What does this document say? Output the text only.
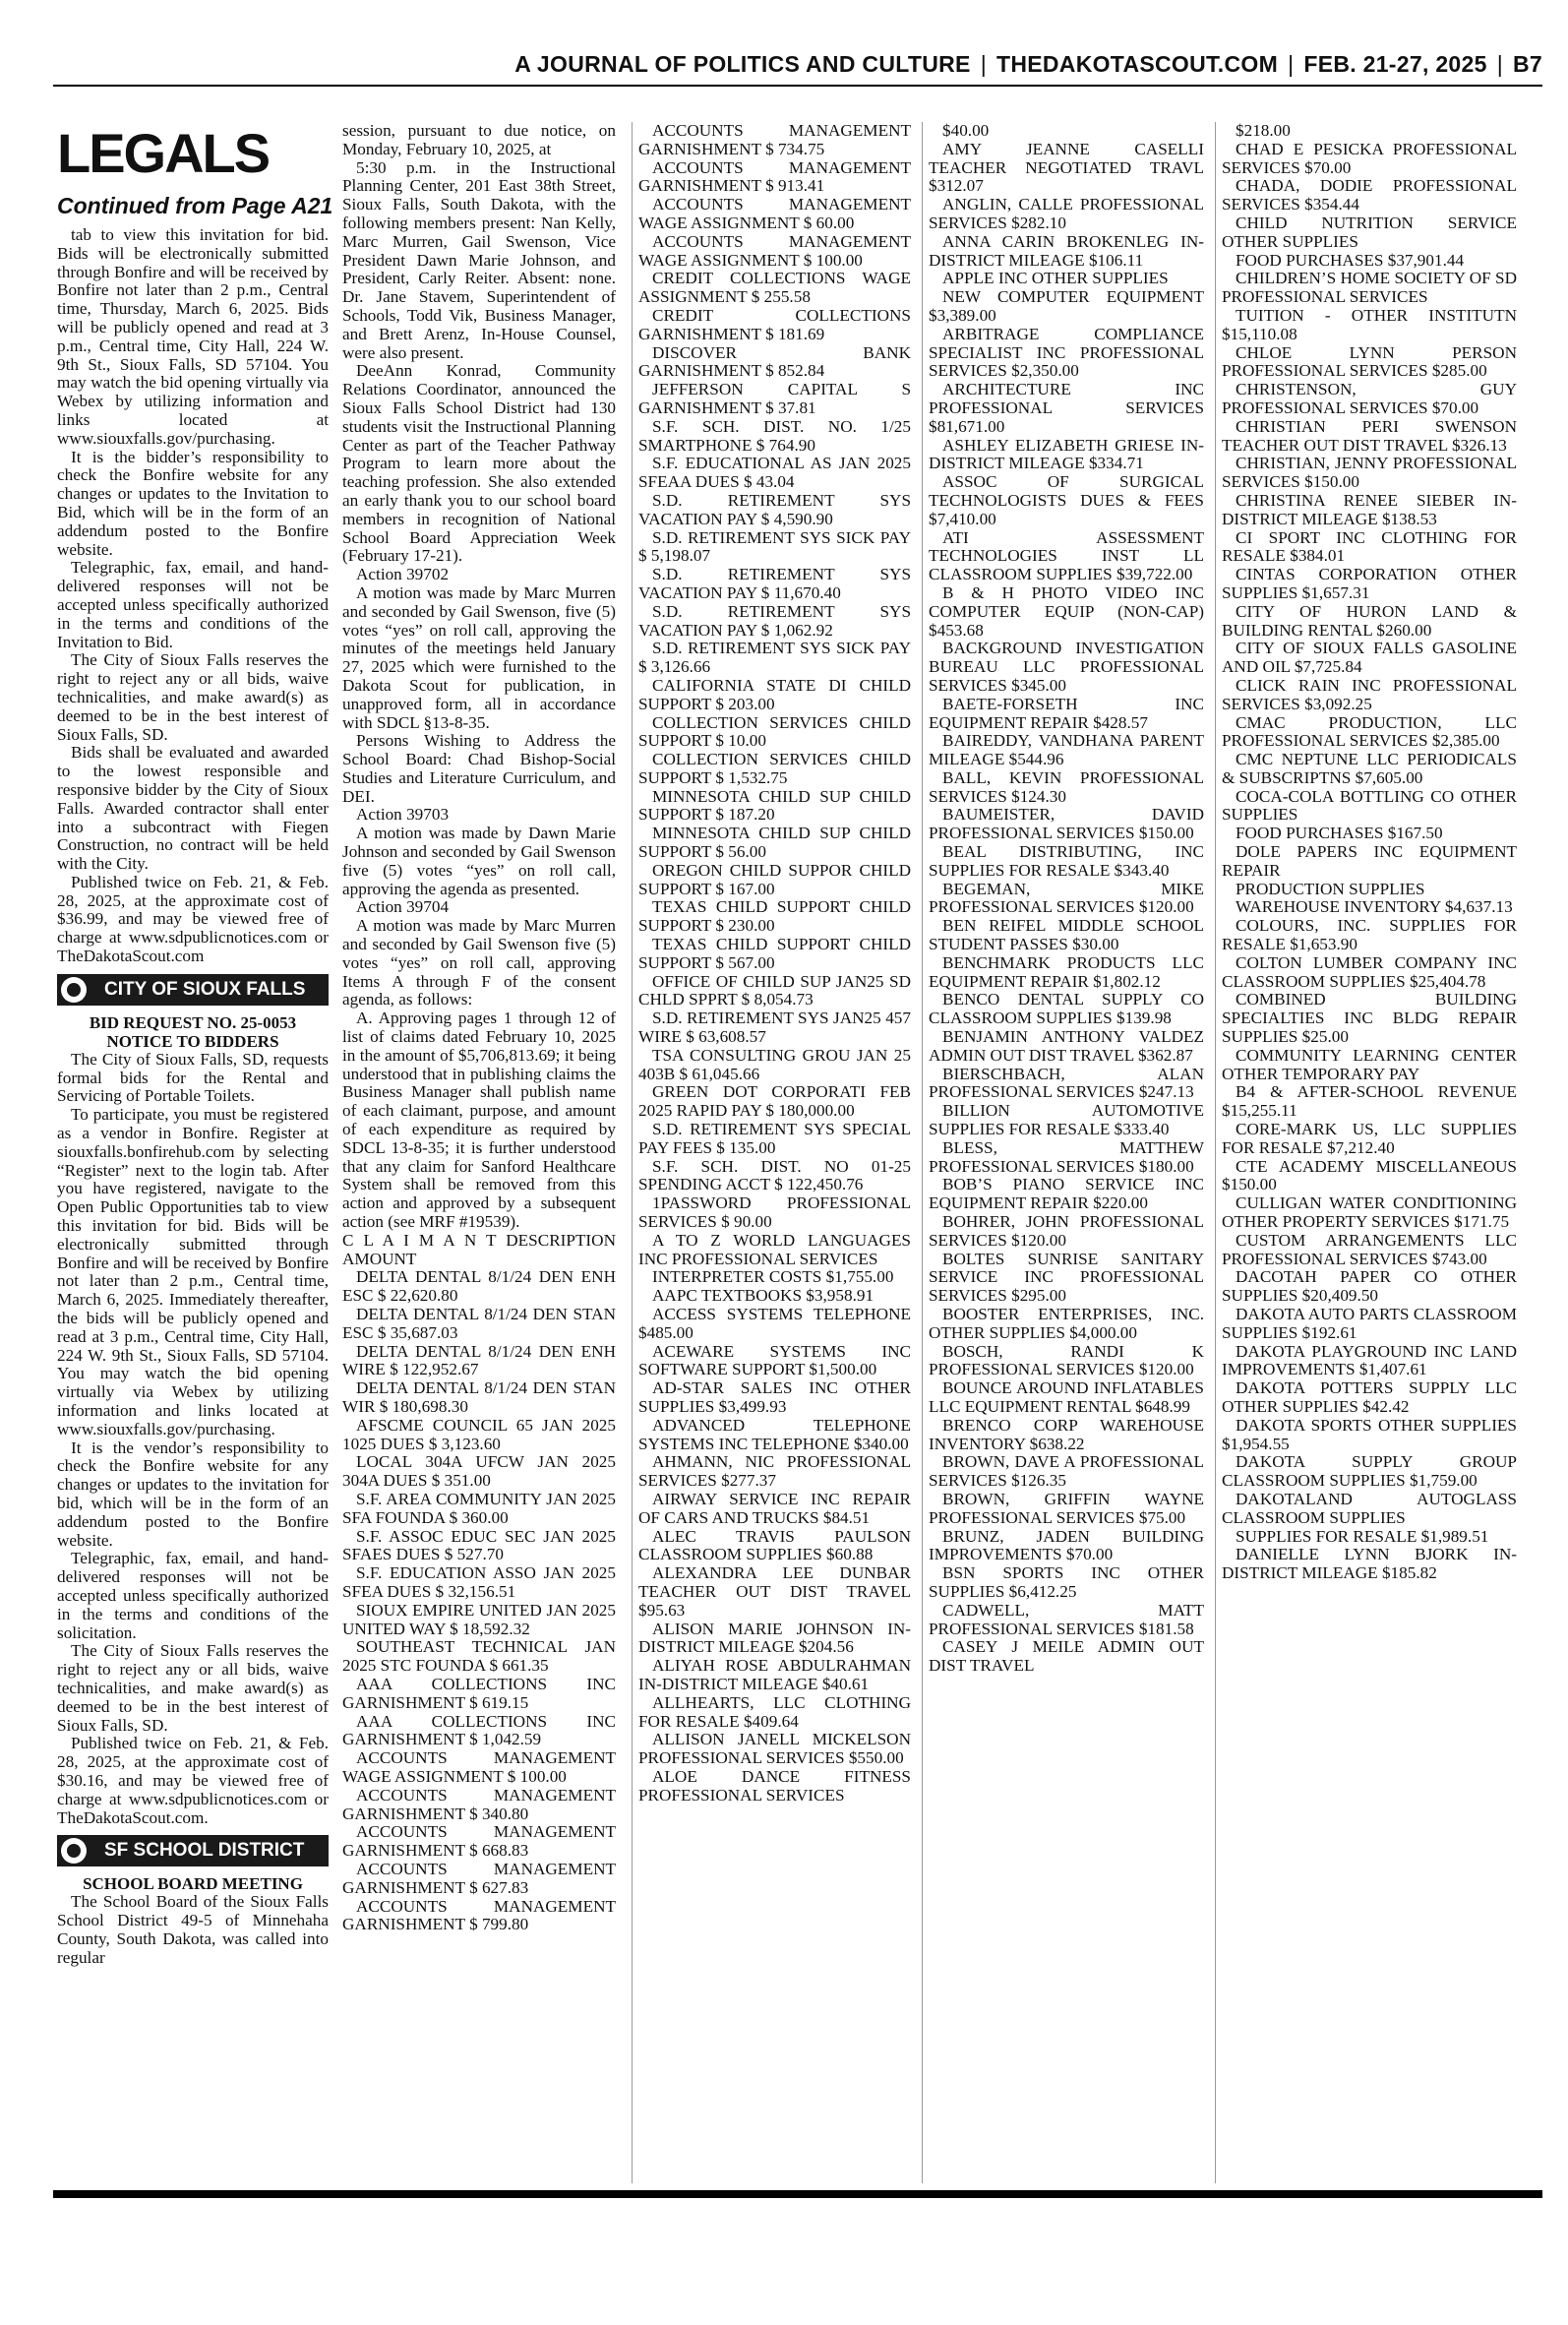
A JOURNAL OF POLITICS AND CULTURE | THEDAKOTASCOUT.COM | FEB. 21-27, 2025 | B7
LEGALS
Continued from Page A21

tab to view this invitation for bid. Bids will be electronically submitted through Bonfire and will be received by Bonfire not later than 2 p.m., Central time, Thursday, March 6, 2025. Bids will be publicly opened and read at 3 p.m., Central time, City Hall, 224 W. 9th St., Sioux Falls, SD 57104. You may watch the bid opening virtually via Webex by utilizing information and links located at www.siouxfalls.gov/purchasing.

It is the bidder’s responsibility to check the Bonfire website for any changes or updates to the Invitation to Bid, which will be in the form of an addendum posted to the Bonfire website.

Telegraphic, fax, email, and hand-delivered responses will not be accepted unless specifically authorized in the terms and conditions of the Invitation to Bid.

The City of Sioux Falls reserves the right to reject any or all bids, waive technicalities, and make award(s) as deemed to be in the best interest of Sioux Falls, SD.

Bids shall be evaluated and awarded to the lowest responsible and responsive bidder by the City of Sioux Falls. Awarded contractor shall enter into a subcontract with Fiegen Construction, no contract will be held with the City.

Published twice on Feb. 21, & Feb. 28, 2025, at the approximate cost of $36.99, and may be viewed free of charge at www.sdpublicnotices.com or TheDakotaScout.com

CITY OF SIOUX FALLS
BID REQUEST NO. 25-0053
NOTICE TO BIDDERS

The City of Sioux Falls, SD, requests formal bids for the Rental and Servicing of Portable Toilets.

To participate, you must be registered as a vendor in Bonfire. Register at siouxfalls.bonfirehub.com by selecting “Register” next to the login tab. After you have registered, navigate to the Open Public Opportunities tab to view this invitation for bid. Bids will be electronically submitted through Bonfire and will be received by Bonfire not later than 2 p.m., Central time, March 6, 2025. Immediately thereafter, the bids will be publicly opened and read at 3 p.m., Central time, City Hall, 224 W. 9th St., Sioux Falls, SD 57104. You may watch the bid opening virtually via Webex by utilizing information and links located at www.siouxfalls.gov/purchasing.

It is the vendor’s responsibility to check the Bonfire website for any changes or updates to the invitation for bid, which will be in the form of an addendum posted to the Bonfire website.

Telegraphic, fax, email, and hand-delivered responses will not be accepted unless specifically authorized in the terms and conditions of the solicitation.

The City of Sioux Falls reserves the right to reject any or all bids, waive technicalities, and make award(s) as deemed to be in the best interest of Sioux Falls, SD.

Published twice on Feb. 21, & Feb. 28, 2025, at the approximate cost of $30.16, and may be viewed free of charge at www.sdpublicnotices.com or TheDakotaScout.com.

SF SCHOOL DISTRICT
SCHOOL BOARD MEETING

The School Board of the Sioux Falls School District 49-5 of Minnehaha County, South Dakota, was called into regular

session, pursuant to due notice, on Monday, February 10, 2025, at

5:30 p.m. in the Instructional Planning Center, 201 East 38th Street, Sioux Falls, South Dakota, with the following members present: Nan Kelly, Marc Murren, Gail Swenson, Vice President Dawn Marie Johnson, and President, Carly Reiter. Absent: none. Dr. Jane Stavem, Superintendent of Schools, Todd Vik, Business Manager, and Brett Arenz, In-House Counsel, were also present.

DeeAnn Konrad, Community Relations Coordinator, announced the Sioux Falls School District had 130 students visit the Instructional Planning Center as part of the Teacher Pathway Program to learn more about the teaching profession. She also extended an early thank you to our school board members in recognition of National School Board Appreciation Week (February 17-21).

Action 39702

A motion was made by Marc Murren and seconded by Gail Swenson, five (5) votes “yes” on roll call, approving the minutes of the meetings held January 27, 2025 which were furnished to the Dakota Scout for publication, in unapproved form, all in accordance with SDCL §13-8-35.

Persons Wishing to Address the School Board: Chad Bishop-Social Studies and Literature Curriculum, and DEI.

Action 39703

A motion was made by Dawn Marie Johnson and seconded by Gail Swenson five (5) votes “yes” on roll call, approving the agenda as presented.

Action 39704

A motion was made by Marc Murren and seconded by Gail Swenson five (5) votes “yes” on roll call, approving Items A through F of the consent agenda, as follows:

A. Approving pages 1 through 12 of list of claims dated February 10, 2025 in the amount of $5,706,813.69; it being understood that in publishing claims the Business Manager shall publish name of each claimant, purpose, and amount of each expenditure as required by SDCL 13-8-35; it is further understood that any claim for Sanford Healthcare System shall be removed from this action and approved by a subsequent action (see MRF #19539).

C L A I M A N T DESCRIPTION AMOUNT

DELTA DENTAL 8/1/24 DEN ENH ESC $ 22,620.80

DELTA DENTAL 8/1/24 DEN STAN ESC $ 35,687.03

DELTA DENTAL 8/1/24 DEN ENH WIRE $ 122,952.67

DELTA DENTAL 8/1/24 DEN STAN WIR $ 180,698.30

AFSCME COUNCIL 65 JAN 2025 1025 DUES $ 3,123.60

LOCAL 304A UFCW JAN 2025 304A DUES $ 351.00

S.F. AREA COMMUNITY JAN 2025 SFA FOUNDA $ 360.00

S.F. ASSOC EDUC SEC JAN 2025 SFAES DUES $ 527.70

S.F. EDUCATION ASSO JAN 2025 SFEA DUES $ 32,156.51

SIOUX EMPIRE UNITED JAN 2025 UNITED WAY $ 18,592.32

SOUTHEAST TECHNICAL JAN 2025 STC FOUNDA $ 661.35

AAA COLLECTIONS INC GARNISHMENT $ 619.15

AAA COLLECTIONS INC GARNISHMENT $ 1,042.59

ACCOUNTS MANAGEMENT WAGE ASSIGNMENT $ 100.00

ACCOUNTS MANAGEMENT GARNISHMENT $ 340.80

ACCOUNTS MANAGEMENT GARNISHMENT $ 668.83

ACCOUNTS MANAGEMENT GARNISHMENT $ 627.83

ACCOUNTS MANAGEMENT GARNISHMENT $ 799.80

ACCOUNTS MANAGEMENT GARNISHMENT $ 734.75

ACCOUNTS MANAGEMENT GARNISHMENT $ 913.41

ACCOUNTS MANAGEMENT WAGE ASSIGNMENT $ 60.00

ACCOUNTS MANAGEMENT WAGE ASSIGNMENT $ 100.00

CREDIT COLLECTIONS WAGE ASSIGNMENT $ 255.58

CREDIT COLLECTIONS GARNISHMENT $ 181.69

DISCOVER BANK GARNISHMENT $ 852.84

JEFFERSON CAPITAL S GARNISHMENT $ 37.81

S.F. SCH. DIST. NO. 1/25 SMARTPHONE $ 764.90

S.F. EDUCATIONAL AS JAN 2025 SFEAA DUES $ 43.04

S.D. RETIREMENT SYS VACATION PAY $ 4,590.90

S.D. RETIREMENT SYS SICK PAY $ 5,198.07

S.D. RETIREMENT SYS VACATION PAY $ 11,670.40

S.D. RETIREMENT SYS VACATION PAY $ 1,062.92

S.D. RETIREMENT SYS SICK PAY $ 3,126.66

CALIFORNIA STATE DI CHILD SUPPORT $ 203.00

COLLECTION SERVICES CHILD SUPPORT $ 10.00

COLLECTION SERVICES CHILD SUPPORT $ 1,532.75

MINNESOTA CHILD SUP CHILD SUPPORT $ 187.20

MINNESOTA CHILD SUP CHILD SUPPORT $ 56.00

OREGON CHILD SUPPOR CHILD SUPPORT $ 167.00

TEXAS CHILD SUPPORT CHILD SUPPORT $ 230.00

TEXAS CHILD SUPPORT CHILD SUPPORT $ 567.00

OFFICE OF CHILD SUP JAN25 SD CHLD SPPRT $ 8,054.73

S.D. RETIREMENT SYS JAN25 457 WIRE $ 63,608.57

TSA CONSULTING GROU JAN 25 403B $ 61,045.66

GREEN DOT CORPORATI FEB 2025 RAPID PAY $ 180,000.00

S.D. RETIREMENT SYS SPECIAL PAY FEES $ 135.00

S.F. SCH. DIST. NO 01-25 SPENDING ACCT $ 122,450.76

1PASSWORD PROFESSIONAL SERVICES $ 90.00

A TO Z WORLD LANGUAGES INC PROFESSIONAL SERVICES

INTERPRETER COSTS $1,755.00

AAPC TEXTBOOKS $3,958.91

ACCESS SYSTEMS TELEPHONE $485.00

ACEWARE SYSTEMS INC SOFTWARE SUPPORT $1,500.00

AD-STAR SALES INC OTHER SUPPLIES $3,499.93

ADVANCED TELEPHONE SYSTEMS INC TELEPHONE $340.00

AHMANN, NIC PROFESSIONAL SERVICES $277.37

AIRWAY SERVICE INC REPAIR OF CARS AND TRUCKS $84.51

ALEC TRAVIS PAULSON CLASSROOM SUPPLIES $60.88

ALEXANDRA LEE DUNBAR TEACHER OUT DIST TRAVEL $95.63

ALISON MARIE JOHNSON IN-DISTRICT MILEAGE $204.56

ALIYAH ROSE ABDULRAHMAN IN-DISTRICT MILEAGE $40.61

ALLHEARTS, LLC CLOTHING FOR RESALE $409.64

ALLISON JANELL MICKELSON PROFESSIONAL SERVICES $550.00

ALOE DANCE FITNESS PROFESSIONAL SERVICES

$40.00

AMY JEANNE CASELLI TEACHER NEGOTIATED TRAVL $312.07

ANGLIN, CALLE PROFESSIONAL SERVICES $282.10

ANNA CARIN BROKENLEG IN-DISTRICT MILEAGE $106.11

APPLE INC OTHER SUPPLIES

NEW COMPUTER EQUIPMENT $3,389.00

ARBITRAGE COMPLIANCE SPECIALIST INC PROFESSIONAL SERVICES $2,350.00

ARCHITECTURE INC PROFESSIONAL SERVICES $81,671.00

ASHLEY ELIZABETH GRIESE IN-DISTRICT MILEAGE $334.71

ASSOC OF SURGICAL TECHNOLOGISTS DUES & FEES $7,410.00

ATI ASSESSMENT TECHNOLOGIES INST LL CLASSROOM SUPPLIES $39,722.00

B & H PHOTO VIDEO INC COMPUTER EQUIP (NON-CAP) $453.68

BACKGROUND INVESTIGATION BUREAU LLC PROFESSIONAL SERVICES $345.00

BAETE-FORSETH INC EQUIPMENT REPAIR $428.57

BAIREDDY, VANDHANA PARENT MILEAGE $544.96

BALL, KEVIN PROFESSIONAL SERVICES $124.30

BAUMEISTER, DAVID PROFESSIONAL SERVICES $150.00

BEAL DISTRIBUTING, INC SUPPLIES FOR RESALE $343.40

BEGEMAN, MIKE PROFESSIONAL SERVICES $120.00

BEN REIFEL MIDDLE SCHOOL STUDENT PASSES $30.00

BENCHMARK PRODUCTS LLC EQUIPMENT REPAIR $1,802.12

BENCO DENTAL SUPPLY CO CLASSROOM SUPPLIES $139.98

BENJAMIN ANTHONY VALDEZ ADMIN OUT DIST TRAVEL $362.87

BIERSCHBACH, ALAN PROFESSIONAL SERVICES $247.13

BILLION AUTOMOTIVE SUPPLIES FOR RESALE $333.40

BLESS, MATTHEW PROFESSIONAL SERVICES $180.00

BOB’S PIANO SERVICE INC EQUIPMENT REPAIR $220.00

BOHRER, JOHN PROFESSIONAL SERVICES $120.00

BOLTES SUNRISE SANITARY SERVICE INC PROFESSIONAL SERVICES $295.00

BOOSTER ENTERPRISES, INC. OTHER SUPPLIES $4,000.00

BOSCH, RANDI K PROFESSIONAL SERVICES $120.00

BOUNCE AROUND INFLATABLES LLC EQUIPMENT RENTAL $648.99

BRENCO CORP WAREHOUSE INVENTORY $638.22

BROWN, DAVE A PROFESSIONAL SERVICES $126.35

BROWN, GRIFFIN WAYNE PROFESSIONAL SERVICES $75.00

BRUNZ, JADEN BUILDING IMPROVEMENTS $70.00

BSN SPORTS INC OTHER SUPPLIES $6,412.25

CADWELL, MATT PROFESSIONAL SERVICES $181.58

CASEY J MEILE ADMIN OUT DIST TRAVEL

$218.00

CHAD E PESICKA PROFESSIONAL SERVICES $70.00

CHADA, DODIE PROFESSIONAL SERVICES $354.44

CHILD NUTRITION SERVICE OTHER SUPPLIES

FOOD PURCHASES $37,901.44

CHILDREN’S HOME SOCIETY OF SD PROFESSIONAL SERVICES

TUITION - OTHER INSTITUTN $15,110.08

CHLOE LYNN PERSON PROFESSIONAL SERVICES $285.00

CHRISTENSON, GUY PROFESSIONAL SERVICES $70.00

CHRISTIAN PERI SWENSON TEACHER OUT DIST TRAVEL $326.13

CHRISTIAN, JENNY PROFESSIONAL SERVICES $150.00

CHRISTINA RENEE SIEBER IN-DISTRICT MILEAGE $138.53

CI SPORT INC CLOTHING FOR RESALE $384.01

CINTAS CORPORATION OTHER SUPPLIES $1,657.31

CITY OF HURON LAND & BUILDING RENTAL $260.00

CITY OF SIOUX FALLS GASOLINE AND OIL $7,725.84

CLICK RAIN INC PROFESSIONAL SERVICES $3,092.25

CMAC PRODUCTION, LLC PROFESSIONAL SERVICES $2,385.00

CMC NEPTUNE LLC PERIODICALS & SUBSCRIPTNS $7,605.00

COCA-COLA BOTTLING CO OTHER SUPPLIES

FOOD PURCHASES $167.50

DOLE PAPERS INC EQUIPMENT REPAIR

PRODUCTION SUPPLIES

WAREHOUSE INVENTORY $4,637.13

COLOURS, INC. SUPPLIES FOR RESALE $1,653.90

COLTON LUMBER COMPANY INC CLASSROOM SUPPLIES $25,404.78

COMBINED BUILDING SPECIALTIES INC BLDG REPAIR SUPPLIES $25.00

COMMUNITY LEARNING CENTER OTHER TEMPORARY PAY

B4 & AFTER-SCHOOL REVENUE $15,255.11

CORE-MARK US, LLC SUPPLIES FOR RESALE $7,212.40

CTE ACADEMY MISCELLANEOUS $150.00

CULLIGAN WATER CONDITIONING OTHER PROPERTY SERVICES $171.75

CUSTOM ARRANGEMENTS LLC PROFESSIONAL SERVICES $743.00

DACOTAH PAPER CO OTHER SUPPLIES $20,409.50

DAKOTA AUTO PARTS CLASSROOM SUPPLIES $192.61

DAKOTA PLAYGROUND INC LAND IMPROVEMENTS $1,407.61

DAKOTA POTTERS SUPPLY LLC OTHER SUPPLIES $42.42

DAKOTA SPORTS OTHER SUPPLIES $1,954.55

DAKOTA SUPPLY GROUP CLASSROOM SUPPLIES $1,759.00

DAKOTALAND AUTOGLASS CLASSROOM SUPPLIES

SUPPLIES FOR RESALE $1,989.51

DANIELLE LYNN BJORK IN-DISTRICT MILEAGE $185.82
